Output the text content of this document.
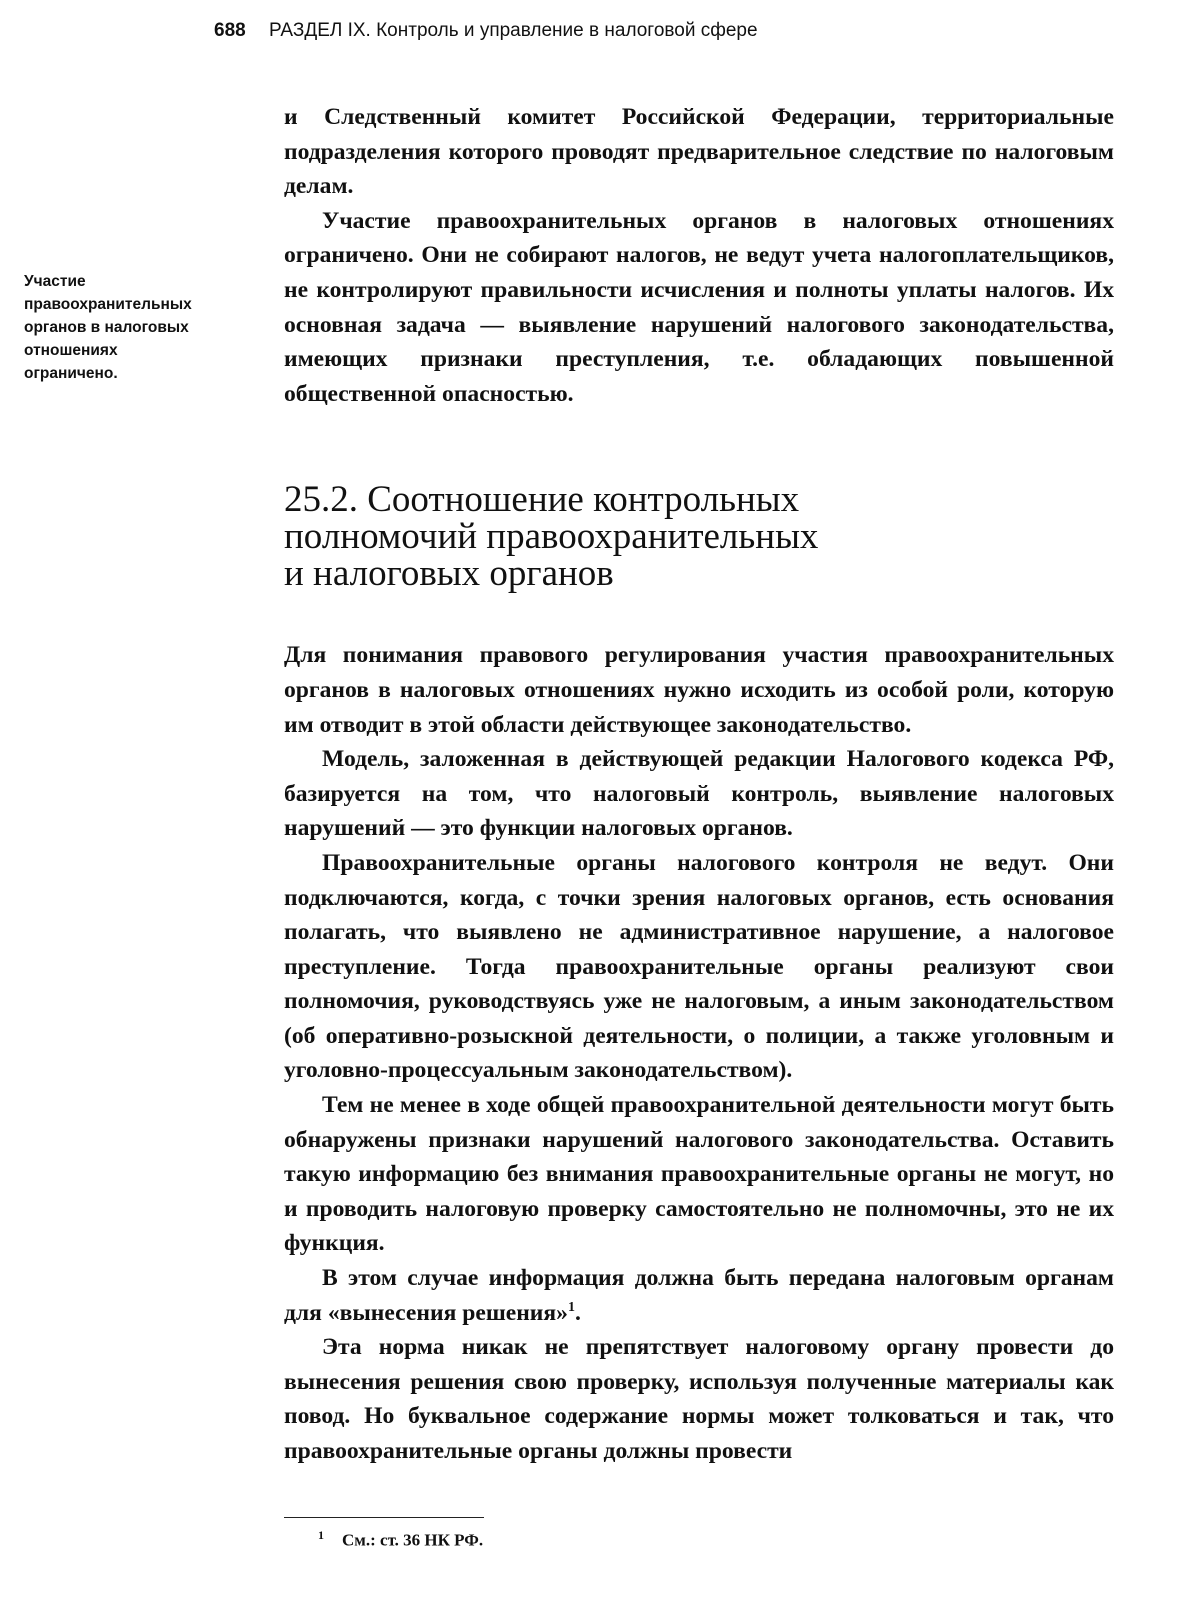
688 РАЗДЕЛ IX. Контроль и управление в налоговой сфере
Участие
правоохранительных
органов в налоговых
отношениях
ограничено.

и Следственный комитет Российской Федерации, территориальные подразделения которого проводят предварительное следствие по налоговым делам.

Участие правоохранительных органов в налоговых отношениях ограничено. Они не собирают налогов, не ведут учета налогоплательщиков, не контролируют правильности исчисления и полноты уплаты налогов. Их основная задача — выявление нарушений налогового законодательства, имеющих признаки преступления, т.е. обладающих повышенной общественной опасностью.

25.2. Соотношение контрольных
полномочий правоохранительных
и налоговых органов

Для понимания правового регулирования участия правоохранительных органов в налоговых отношениях нужно исходить из особой роли, которую им отводит в этой области действующее законодательство.

Модель, заложенная в действующей редакции Налогового кодекса РФ, базируется на том, что налоговый контроль, выявление налоговых нарушений — это функции налоговых органов.

Правоохранительные органы налогового контроля не ведут. Они подключаются, когда, с точки зрения налоговых органов, есть основания полагать, что выявлено не административное нарушение, а налоговое преступление. Тогда правоохранительные органы реализуют свои полномочия, руководствуясь уже не налоговым, а иным законодательством (об оперативно-розыскной деятельности, о полиции, а также уголовным и уголовно-процессуальным законодательством).

Тем не менее в ходе общей правоохранительной деятельности могут быть обнаружены признаки нарушений налогового законодательства. Оставить такую информацию без внимания правоохранительные органы не могут, но и проводить налоговую проверку самостоятельно не полномочны, это не их функция.

В этом случае информация должна быть передана налоговым органам для «вынесения решения»$^1$.

Эта норма никак не препятствует налоговому органу провести до вынесения решения свою проверку, используя полученные материалы как повод. Но буквальное содержание нормы может толковаться и так, что правоохранительные органы должны провести

$^1$ См.: ст. 36 НК РФ.
